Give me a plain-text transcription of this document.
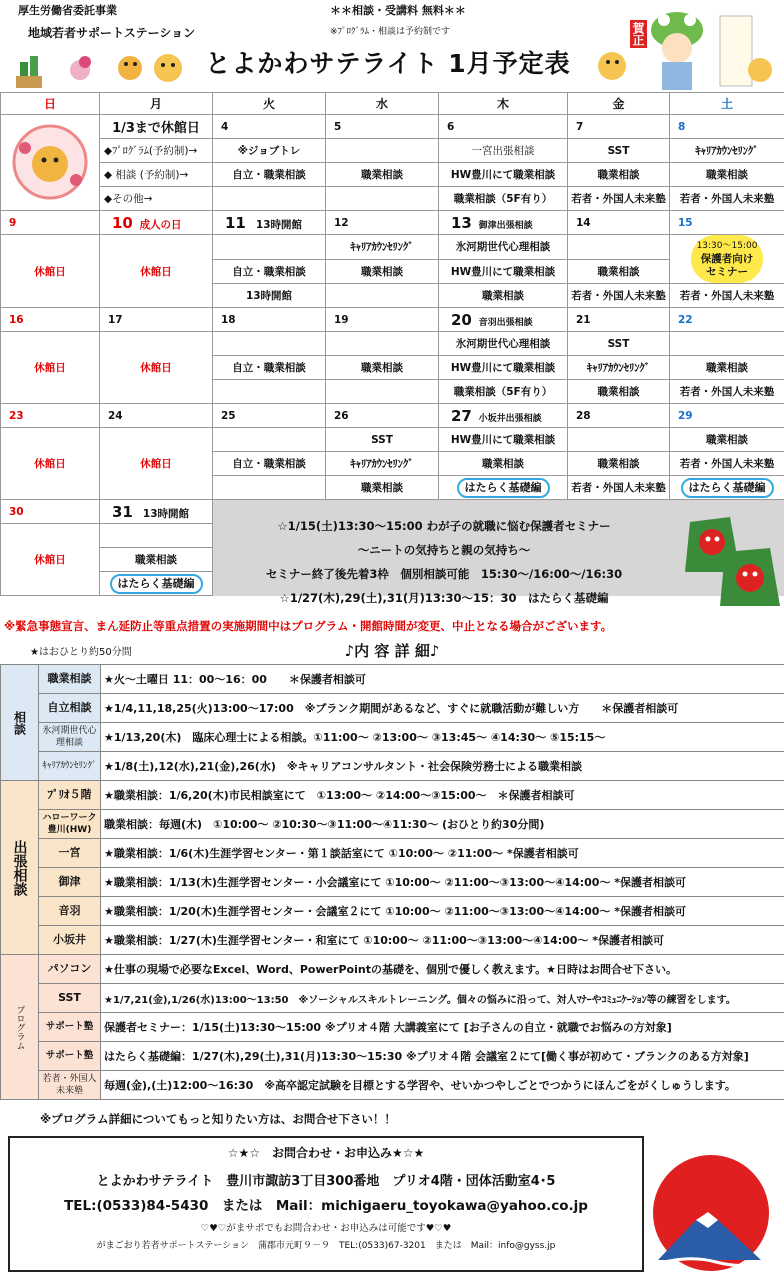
厚生労働省委託事業	＊＊相談・受講料 無料＊＊
地域若者サポートステーション	※ﾌﾟﾛｸﾞﾗﾑ・相談は予約制です
とよかわサテライト 1月予定表
賀正
日	月	火	水	木	金	土
	1/3まで休館日	4	5	6	7	8
	◆ﾌﾟﾛｸﾞﾗﾑ(予約制)→	※ジョブトレ		一宮出張相談	SST	ｷｬﾘｱｶｳﾝｾﾘﾝｸﾞ
	◆ 相談 (予約制)→	自立・職業相談	職業相談	HW豊川にて職業相談	職業相談	職業相談
	◆その他→			職業相談（5F有り）	若者・外国人未来塾	若者・外国人未来塾
9	10 成人の日	11 13時開館	12	13 御津出張相談	14	15
休館日	休館日		ｷｬﾘｱｶｳﾝｾﾘﾝｸﾞ	氷河期世代心理相談		13:30〜15:00
保護者向け
セミナー
		自立・職業相談	職業相談	HW豊川にて職業相談	職業相談	
		13時開館		職業相談	若者・外国人未来塾	若者・外国人未来塾
16	17	18	19	20 音羽出張相談	21	22
休館日	休館日			氷河期世代心理相談	SST	
		自立・職業相談	職業相談	HW豊川にて職業相談	ｷｬﾘｱｶｳﾝｾﾘﾝｸﾞ	職業相談
				職業相談（5F有り）	職業相談	若者・外国人未来塾
23	24	25	26	27 小坂井出張相談	28	29
休館日	休館日		SST	HW豊川にて職業相談		職業相談
		自立・職業相談	ｷｬﾘｱｶｳﾝｾﾘﾝｸﾞ	職業相談	職業相談	若者・外国人未来塾
			職業相談	はたらく基礎編	若者・外国人未来塾	はたらく基礎編
30	31 13時開館					
休館日						
	職業相談					
	はたらく基礎編					
☆1/15(土)13:30〜15:00 わが子の就職に悩む保護者セミナー
〜ニートの気持ちと親の気持ち〜
セミナー終了後先着3枠　個別相談可能　15:30〜/16:00〜/16:30
☆1/27(木),29(土),31(月)13:30〜15：30　はたらく基礎編
※緊急事態宣言、まん延防止等重点措置の実施期間中はプログラム・開館時間が変更、中止となる場合がございます。
★はおひとり約50分間	♪内 容 詳 細♪
相談	職業相談	★火〜土曜日 11：00〜16：00　　＊保護者相談可
	自立相談	★1/4,11,18,25(火)13:00〜17:00　※ブランク期間があるなど、すぐに就職活動が難しい方　　＊保護者相談可
	氷河期世代心理相談	★1/13,20(木)　臨床心理士による相談。①11:00〜 ②13:00〜 ③13:45〜 ④14:30〜 ⑤15:15〜
	ｷｬﾘｱｶｳﾝｾﾘﾝｸﾞ	★1/8(土),12(水),21(金),26(水)　※キャリアコンサルタント・社会保険労務士による職業相談
出張相談	ﾌﾟﾘｵ５階	★職業相談：1/6,20(木)市民相談室にて　①13:00〜 ②14:00〜③15:00〜　＊保護者相談可
	ハローワーク豊川(HW)	職業相談：毎週(木)　①10:00〜 ②10:30〜③11:00〜④11:30〜 (おひとり約30分間)
	一宮	★職業相談：1/6(木)生涯学習センター・第１談話室にて ①10:00〜 ②11:00〜 *保護者相談可
	御津	★職業相談：1/13(木)生涯学習センター・小会議室にて ①10:00〜 ②11:00〜③13:00〜④14:00〜 *保護者相談可
	音羽	★職業相談：1/20(木)生涯学習センター・会議室２にて ①10:00〜 ②11:00〜③13:00〜④14:00〜 *保護者相談可
	小坂井	★職業相談：1/27(木)生涯学習センター・和室にて ①10:00〜 ②11:00〜③13:00〜④14:00〜 *保護者相談可
プログラム	パソコン	★仕事の現場で必要なExcel、Word、PowerPointの基礎を、個別で優しく教えます。★日時はお問合せ下さい。
	SST	★1/7,21(金),1/26(水)13:00〜13:50　※ソーシャルスキルトレーニング。個々の悩みに沿って、対人ﾏﾅｰやｺﾐｭﾆｹｰｼｮﾝ等の練習をします。
	サポート塾	保護者セミナー：1/15(土)13:30〜15:00 ※プリオ４階 大講義室にて [お子さんの自立・就職でお悩みの方対象]
	サポート塾	はたらく基礎編：1/27(木),29(土),31(月)13:30〜15:30 ※プリオ４階 会議室２にて[働く事が初めて・ブランクのある方対象]
	若者・外国人未来塾	毎週(金),(土)12:00〜16:30　※高卒認定試験を目標とする学習や、せいかつやしごとでつかうにほんごをがくしゅうします。
※プログラム詳細についてもっと知りたい方は、お問合せ下さい！！
☆★☆　お問合わせ・お申込み★☆★
とよかわサテライト　豊川市諏訪3丁目300番地　プリオ4階・団体活動室4･5
TEL:(0533)84-5430　または　Mail：michigaeru_toyokawa@yahoo.co.jp
♡♥♡がまサポでもお問合わせ・お申込みは可能です♥♡♥
がまごおり若者サポートステーション　蒲郡市元町９－９　TEL:(0533)67-3201　または　Mail：info@gyss.jp
